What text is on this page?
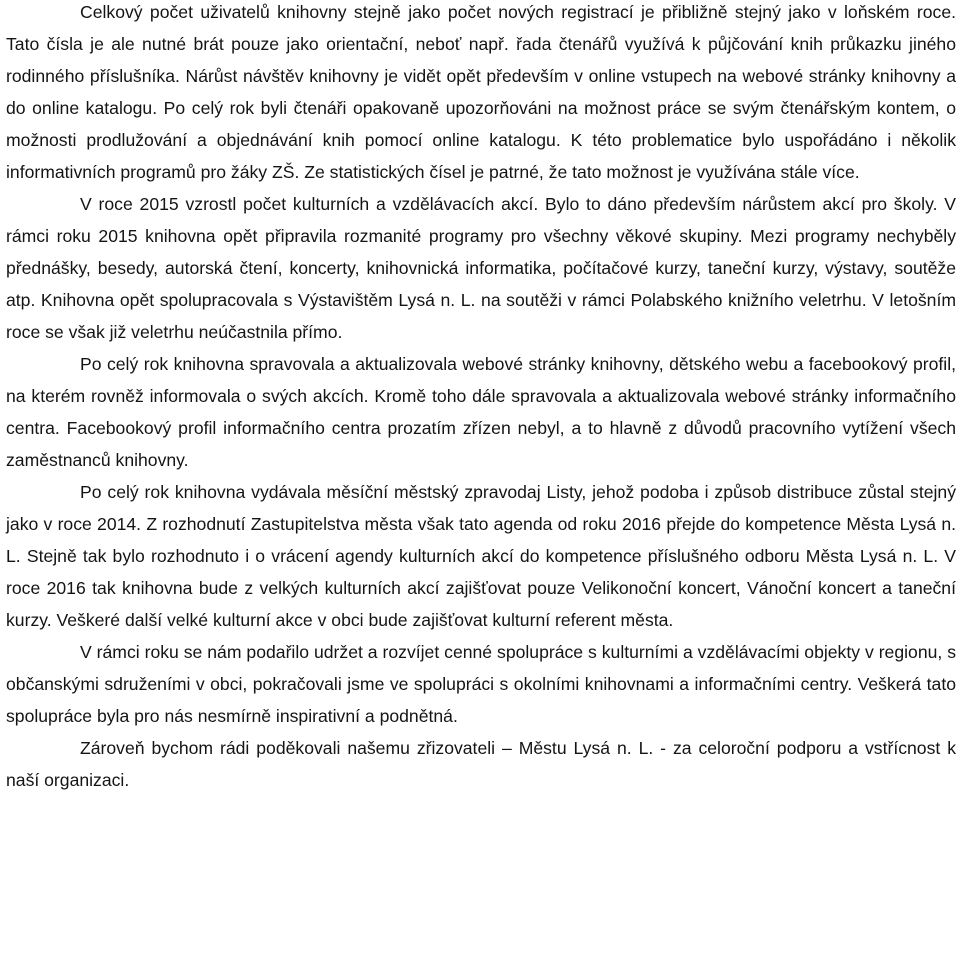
Celkový počet uživatelů knihovny stejně jako počet nových registrací je přibližně stejný jako v loňském roce. Tato čísla je ale nutné brát pouze jako orientační, neboť např. řada čtenářů využívá k půjčování knih průkazku jiného rodinného příslušníka. Nárůst návštěv knihovny je vidět opět především v online vstupech na webové stránky knihovny a do online katalogu. Po celý rok byli čtenáři opakovaně upozorňováni na možnost práce se svým čtenářským kontem, o možnosti prodlužování a objednávání knih pomocí online katalogu. K této problematice bylo uspořádáno i několik informativních programů pro žáky ZŠ. Ze statistických čísel je patrné, že tato možnost je využívána stále více.

V roce 2015 vzrostl počet kulturních a vzdělávacích akcí. Bylo to dáno především nárůstem akcí pro školy. V rámci roku 2015 knihovna opět připravila rozmanité programy pro všechny věkové skupiny. Mezi programy nechyběly přednášky, besedy, autorská čtení, koncerty, knihovnická informatika, počítačové kurzy, taneční kurzy, výstavy, soutěže atp. Knihovna opět spolupracovala s Výstavištěm Lysá n. L. na soutěži v rámci Polabského knižního veletrhu. V letošním roce se však již veletrhu neúčastnila přímo.

Po celý rok knihovna spravovala a aktualizovala webové stránky knihovny, dětského webu a facebookový profil, na kterém rovněž informovala o svých akcích. Kromě toho dále spravovala a aktualizovala webové stránky informačního centra. Facebookový profil informačního centra prozatím zřízen nebyl, a to hlavně z důvodů pracovního vytížení všech zaměstnanců knihovny.

Po celý rok knihovna vydávala měsíční městský zpravodaj Listy, jehož podoba i způsob distribuce zůstal stejný jako v roce 2014. Z rozhodnutí Zastupitelstva města však tato agenda od roku 2016 přejde do kompetence Města Lysá n. L. Stejně tak bylo rozhodnuto i o vrácení agendy kulturních akcí do kompetence příslušného odboru Města Lysá n. L. V roce 2016 tak knihovna bude z velkých kulturních akcí zajišťovat pouze Velikonoční koncert, Vánoční koncert a taneční kurzy. Veškeré další velké kulturní akce v obci bude zajišťovat kulturní referent města.

V rámci roku se nám podařilo udržet a rozvíjet cenné spolupráce s kulturními a vzdělávacími objekty v regionu, s občanskými sdruženími v obci, pokračovali jsme ve spolupráci s okolními knihovnami a informačními centry. Veškerá tato spolupráce byla pro nás nesmírně inspirativní a podnětná.

Zároveň bychom rádi poděkovali našemu zřizovateli – Městu Lysá n. L. - za celoroční podporu a vstřícnost k naší organizaci.
